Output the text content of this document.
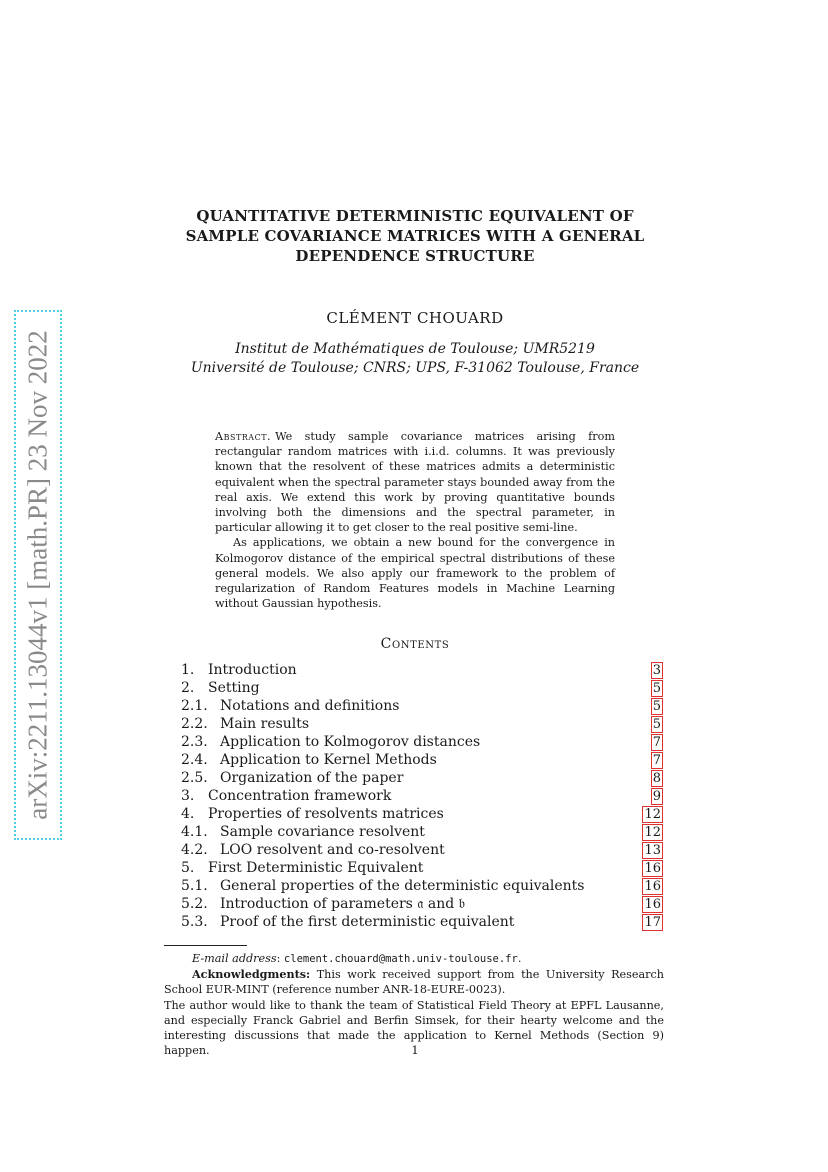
arXiv:2211.13044v1 [math.PR] 23 Nov 2022
QUANTITATIVE DETERMINISTIC EQUIVALENT OF
SAMPLE COVARIANCE MATRICES WITH A GENERAL
DEPENDENCE STRUCTURE
CLÉMENT CHOUARD
Institut de Mathématiques de Toulouse; UMR5219
Université de Toulouse; CNRS; UPS, F-31062 Toulouse, France

Abstract. We study sample covariance matrices arising from rectangular random matrices with i.i.d. columns. It was previously known that the resolvent of these matrices admits a deterministic equivalent when the spectral parameter stays bounded away from the real axis. We extend this work by proving quantitative bounds involving both the dimensions and the spectral parameter, in particular allowing it to get closer to the real positive semi-line.

As applications, we obtain a new bound for the convergence in Kolmogorov distance of the empirical spectral distributions of these general models. We also apply our framework to the problem of regularization of Random Features models in Machine Learning without Gaussian hypothesis.

Contents
1. Introduction	3
2. Setting	5
2.1. Notations and definitions	5
2.2. Main results	5
2.3. Application to Kolmogorov distances	7
2.4. Application to Kernel Methods	7
2.5. Organization of the paper	8
3. Concentration framework	9
4. Properties of resolvents matrices	12
4.1. Sample covariance resolvent	12
4.2. LOO resolvent and co-resolvent	13
5. First Deterministic Equivalent	16
5.1. General properties of the deterministic equivalents	16
5.2. Introduction of parameters 𝔞 and 𝔟	16
5.3. Proof of the first deterministic equivalent	17

E-mail address: clement.chouard@math.univ-toulouse.fr.

Acknowledgments: This work received support from the University Research School EUR-MINT (reference number ANR-18-EURE-0023).

The author would like to thank the team of Statistical Field Theory at EPFL Lausanne, and especially Franck Gabriel and Berfin Simsek, for their hearty welcome and the interesting discussions that made the application to Kernel Methods (Section 9) happen.	1
